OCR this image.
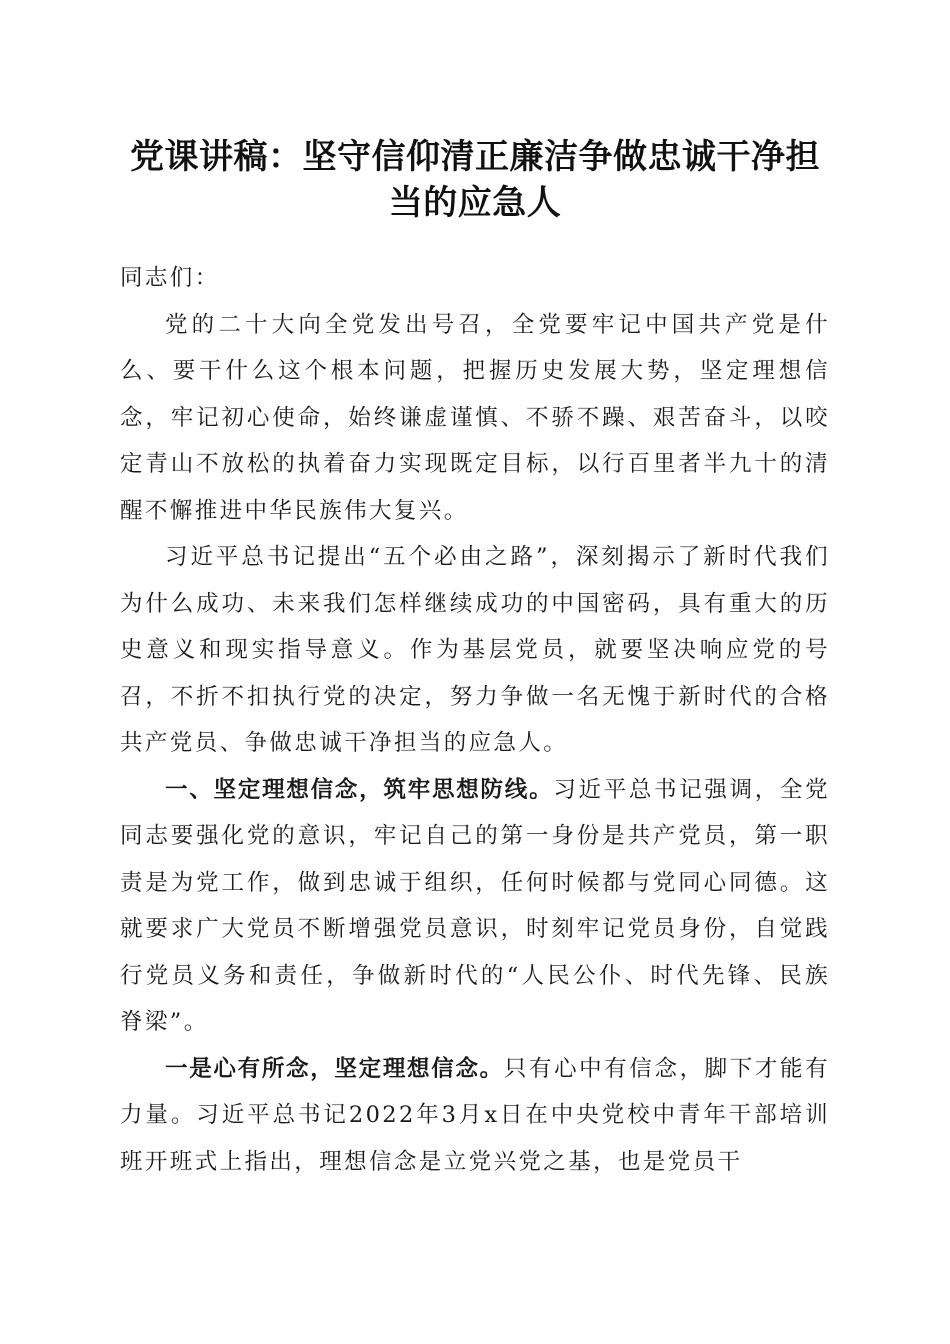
党课讲稿：坚守信仰清正廉洁争做忠诚干净担
当的应急人

同志们：

党的二十大向全党发出号召，全党要牢记中国共产党是什么、要干什么这个根本问题，把握历史发展大势，坚定理想信念，牢记初心使命，始终谦虚谨慎、不骄不躁、艰苦奋斗，以咬定青山不放松的执着奋力实现既定目标，以行百里者半九十的清醒不懈推进中华民族伟大复兴。

习近平总书记提出“五个必由之路”，深刻揭示了新时代我们为什么成功、未来我们怎样继续成功的中国密码，具有重大的历史意义和现实指导意义。作为基层党员，就要坚决响应党的号召，不折不扣执行党的决定，努力争做一名无愧于新时代的合格共产党员、争做忠诚干净担当的应急人。

一、坚定理想信念，筑牢思想防线。习近平总书记强调，全党同志要强化党的意识，牢记自己的第一身份是共产党员，第一职责是为党工作，做到忠诚于组织，任何时候都与党同心同德。这就要求广大党员不断增强党员意识，时刻牢记党员身份，自觉践行党员义务和责任，争做新时代的“人民公仆、时代先锋、民族脊梁”。

一是心有所念，坚定理想信念。只有心中有信念，脚下才能有力量。习近平总书记2022年3月x日在中央党校中青年干部培训班开班式上指出，理想信念是立党兴党之基，也是党员干
